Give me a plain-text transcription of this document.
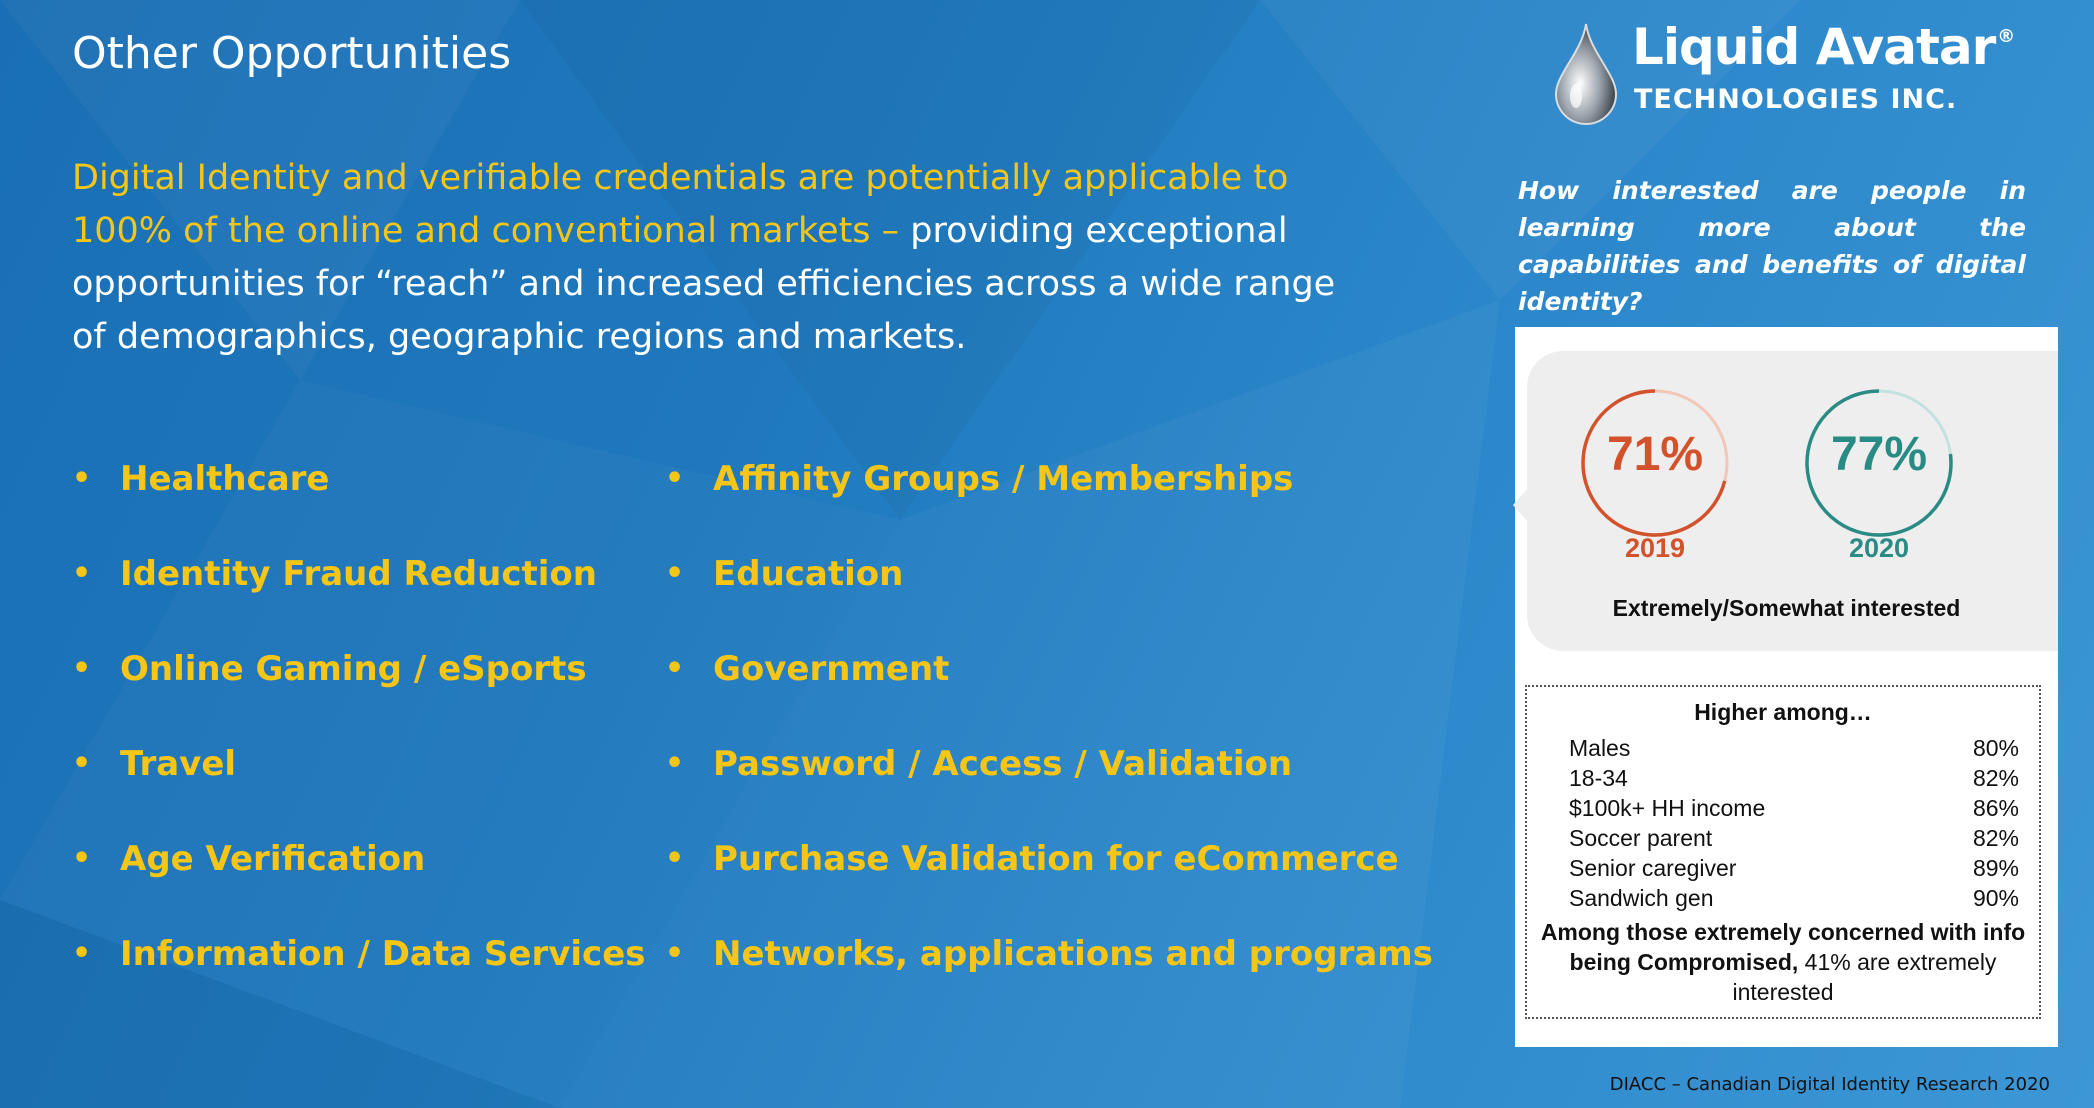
Other Opportunities
Digital Identity and verifiable credentials are potentially applicable to 100% of the online and conventional markets – providing exceptional opportunities for “reach” and increased efficiencies across a wide range of demographics, geographic regions and markets.
• Healthcare
• Identity Fraud Reduction
• Online Gaming / eSports
• Travel
• Age Verification
• Information / Data Services
• Affinity Groups / Memberships
• Education
• Government
• Password / Access / Validation
• Purchase Validation for eCommerce
• Networks, applications and programs
Liquid Avatar ®
TECHNOLOGIES INC.
How interested are people in learning more about the capabilities and benefits of digital identity?
71%
2019
77%
2020
Extremely/Somewhat interested
Higher among…
Males	80%
18-34	82%
$100k+ HH income	86%
Soccer parent	82%
Senior caregiver	89%
Sandwich gen	90%
Among those extremely concerned with info being Compromised, 41% are extremely interested
DIACC – Canadian Digital Identity Research 2020
